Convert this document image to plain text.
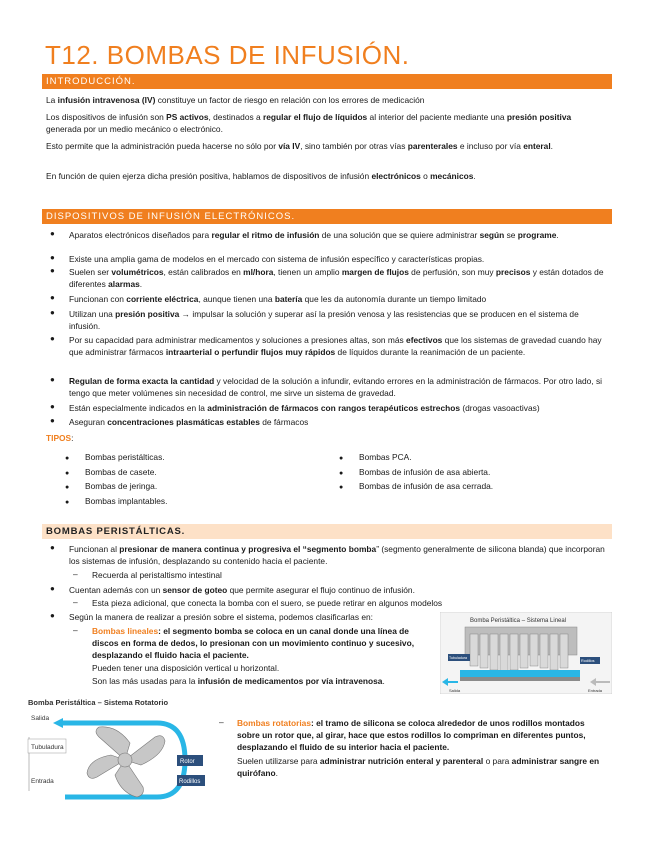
T12. BOMBAS DE INFUSIÓN.
INTRODUCCIÓN.
La infusión intravenosa (IV) constituye un factor de riesgo en relación con los errores de medicación
Los dispositivos de infusión son PS activos, destinados a regular el flujo de líquidos al interior del paciente mediante una presión positiva generada por un medio mecánico o electrónico.
Esto permite que la administración pueda hacerse no sólo por vía IV, sino también por otras vías parenterales e incluso por vía enteral.
En función de quien ejerza dicha presión positiva, hablamos de dispositivos de infusión electrónicos o mecánicos.
DISPOSITIVOS DE INFUSIÓN ELECTRÓNICOS.
● Aparatos electrónicos diseñados para regular el ritmo de infusión de una solución que se quiere administrar según se programe.
● Existe una amplia gama de modelos en el mercado con sistema de infusión específico y características propias.
● Suelen ser volumétricos, están calibrados en ml/hora, tienen un amplio margen de flujos de perfusión, son muy precisos y están dotados de diferentes alarmas.
● Funcionan con corriente eléctrica, aunque tienen una batería que les da autonomía durante un tiempo limitado
● Utilizan una presión positiva → impulsar la solución y superar así la presión venosa y las resistencias que se producen en el sistema de infusión.
● Por su capacidad para administrar medicamentos y soluciones a presiones altas, son más efectivos que los sistemas de gravedad cuando hay que administrar fármacos intraarterial o perfundir flujos muy rápidos de líquidos durante la reanimación de un paciente.
● Regulan de forma exacta la cantidad y velocidad de la solución a infundir, evitando errores en la administración de fármacos. Por otro lado, si tengo que meter volúmenes sin necesidad de control, me sirve un sistema de gravedad.
● Están especialmente indicados en la administración de fármacos con rangos terapéuticos estrechos (drogas vasoactivas)
● Aseguran concentraciones plasmáticas estables de fármacos
TIPOS:
● Bombas peristálticas.
● Bombas de casete.
● Bombas de jeringa.
● Bombas implantables.
● Bombas PCA.
● Bombas de infusión de asa abierta.
● Bombas de infusión de asa cerrada.
BOMBAS PERISTÁLTICAS.
● Funcionan al presionar de manera continua y progresiva el “segmento bomba” (segmento generalmente de silicona blanda) que incorporan los sistemas de infusión, desplazando su contenido hacia el paciente.
– Recuerda al peristaltismo intestinal
● Cuentan además con un sensor de goteo que permite asegurar el flujo continuo de infusión.
– Esta pieza adicional, que conecta la bomba con el suero, se puede retirar en algunos modelos
● Según la manera de realizar a presión sobre el sistema, podemos clasificarlas en:
– Bombas lineales: el segmento bomba se coloca en un canal donde una línea de discos en forma de dedos, lo presionan con un movimiento continuo y sucesivo, desplazando el fluido hacia el paciente.
Pueden tener una disposición vertical u horizontal.
Son las más usadas para la infusión de medicamentos por vía intravenosa.
Bomba Peristáltica – Sistema Lineal
Tubuladura
Rodillos
Salida	Entrada
Bomba Peristáltica – Sistema Rotatorio
Tubuladura
Salida
Entrada
Rotor
Rodillos
– Bombas rotatorias: el tramo de silicona se coloca alrededor de unos rodillos montados sobre un rotor que, al girar, hace que estos rodillos lo compriman en diferentes puntos, desplazando el fluido de su interior hacia el paciente.
Suelen utilizarse para administrar nutrición enteral y parenteral o para administrar sangre en quirófano.
